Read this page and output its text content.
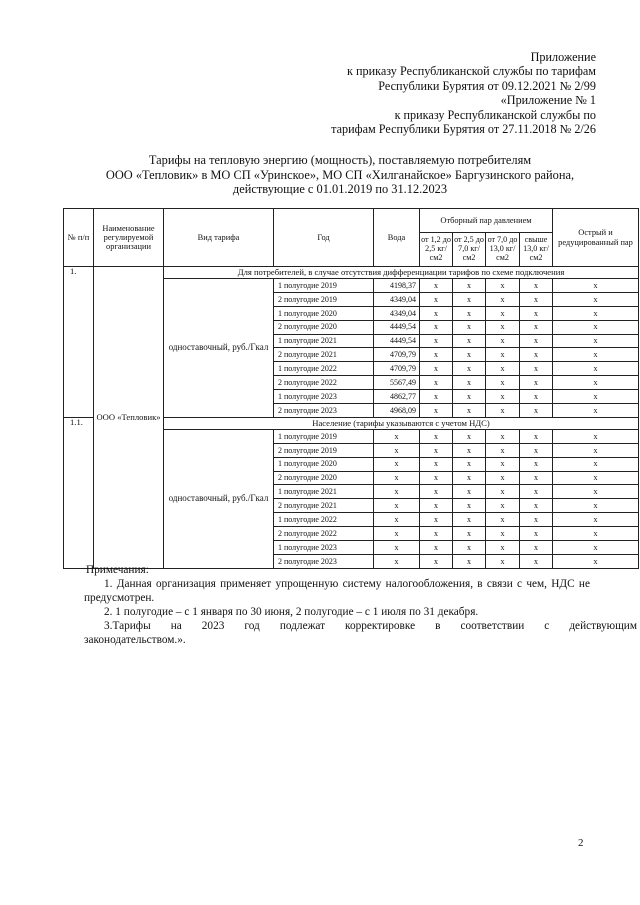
Приложение
к приказу Республиканской службы по тарифам
Республики Бурятия от 09.12.2021 № 2/99
«Приложение № 1
к приказу Республиканской службы по
тарифам Республики Бурятия от 27.11.2018 № 2/26
Тарифы на тепловую энергию (мощность), поставляемую потребителям
ООО «Тепловик» в МО СП «Уринское», МО СП «Хилганайское» Баргузинского района,
действующие с 01.01.2019 по 31.12.2023
№ п/п	Наименование регулируемой организации	Вид тарифа	Год	Вода	Отборный пар давлением				Острый и редуцированный пар
					от 1,2 до 2,5 кг/см2	от 2,5 до 7,0 кг/см2	от 7,0 до 13,0 кг/см2	свыше 13,0 кг/см2	
1.	ООО «Тепловик»	Для потребителей, в случае отсутствия дифференциации тарифов по схеме подключения							
		одноставочный, руб./Гкал	1 полугодие 2019	4198,37	х	х	х	х	х
			2 полугодие 2019	4349,04	х	х	х	х	х
			1 полугодие 2020	4349,04	х	х	х	х	х
			2 полугодие 2020	4449,54	х	х	х	х	х
			1 полугодие 2021	4449,54	х	х	х	х	х
			2 полугодие 2021	4709,79	х	х	х	х	х
			1 полугодие 2022	4709,79	х	х	х	х	х
			2 полугодие 2022	5567,49	х	х	х	х	х
			1 полугодие 2023	4862,77	х	х	х	х	х
			2 полугодие 2023	4968,09	х	х	х	х	х
1.1.		Население (тарифы указываются с учетом НДС)							
		одноставочный, руб./Гкал	1 полугодие 2019	х	х	х	х	х	х
			2 полугодие 2019	х	х	х	х	х	х
			1 полугодие 2020	х	х	х	х	х	х
			2 полугодие 2020	х	х	х	х	х	х
			1 полугодие 2021	х	х	х	х	х	х
			2 полугодие 2021	х	х	х	х	х	х
			1 полугодие 2022	х	х	х	х	х	х
			2 полугодие 2022	х	х	х	х	х	х
			1 полугодие 2023	х	х	х	х	х	х
			2 полугодие 2023	х	х	х	х	х	х
Примечания:
1. Данная организация применяет упрощенную систему налогообложения, в связи с чем, НДС не предусмотрен.
2. 1 полугодие – с 1 января по 30 июня, 2 полугодие – с 1 июля по 31 декабря.
3.Тарифы	на	2023	год	подлежат	корректировке	в	соответствии	с	действующим
законодательством.».
2
